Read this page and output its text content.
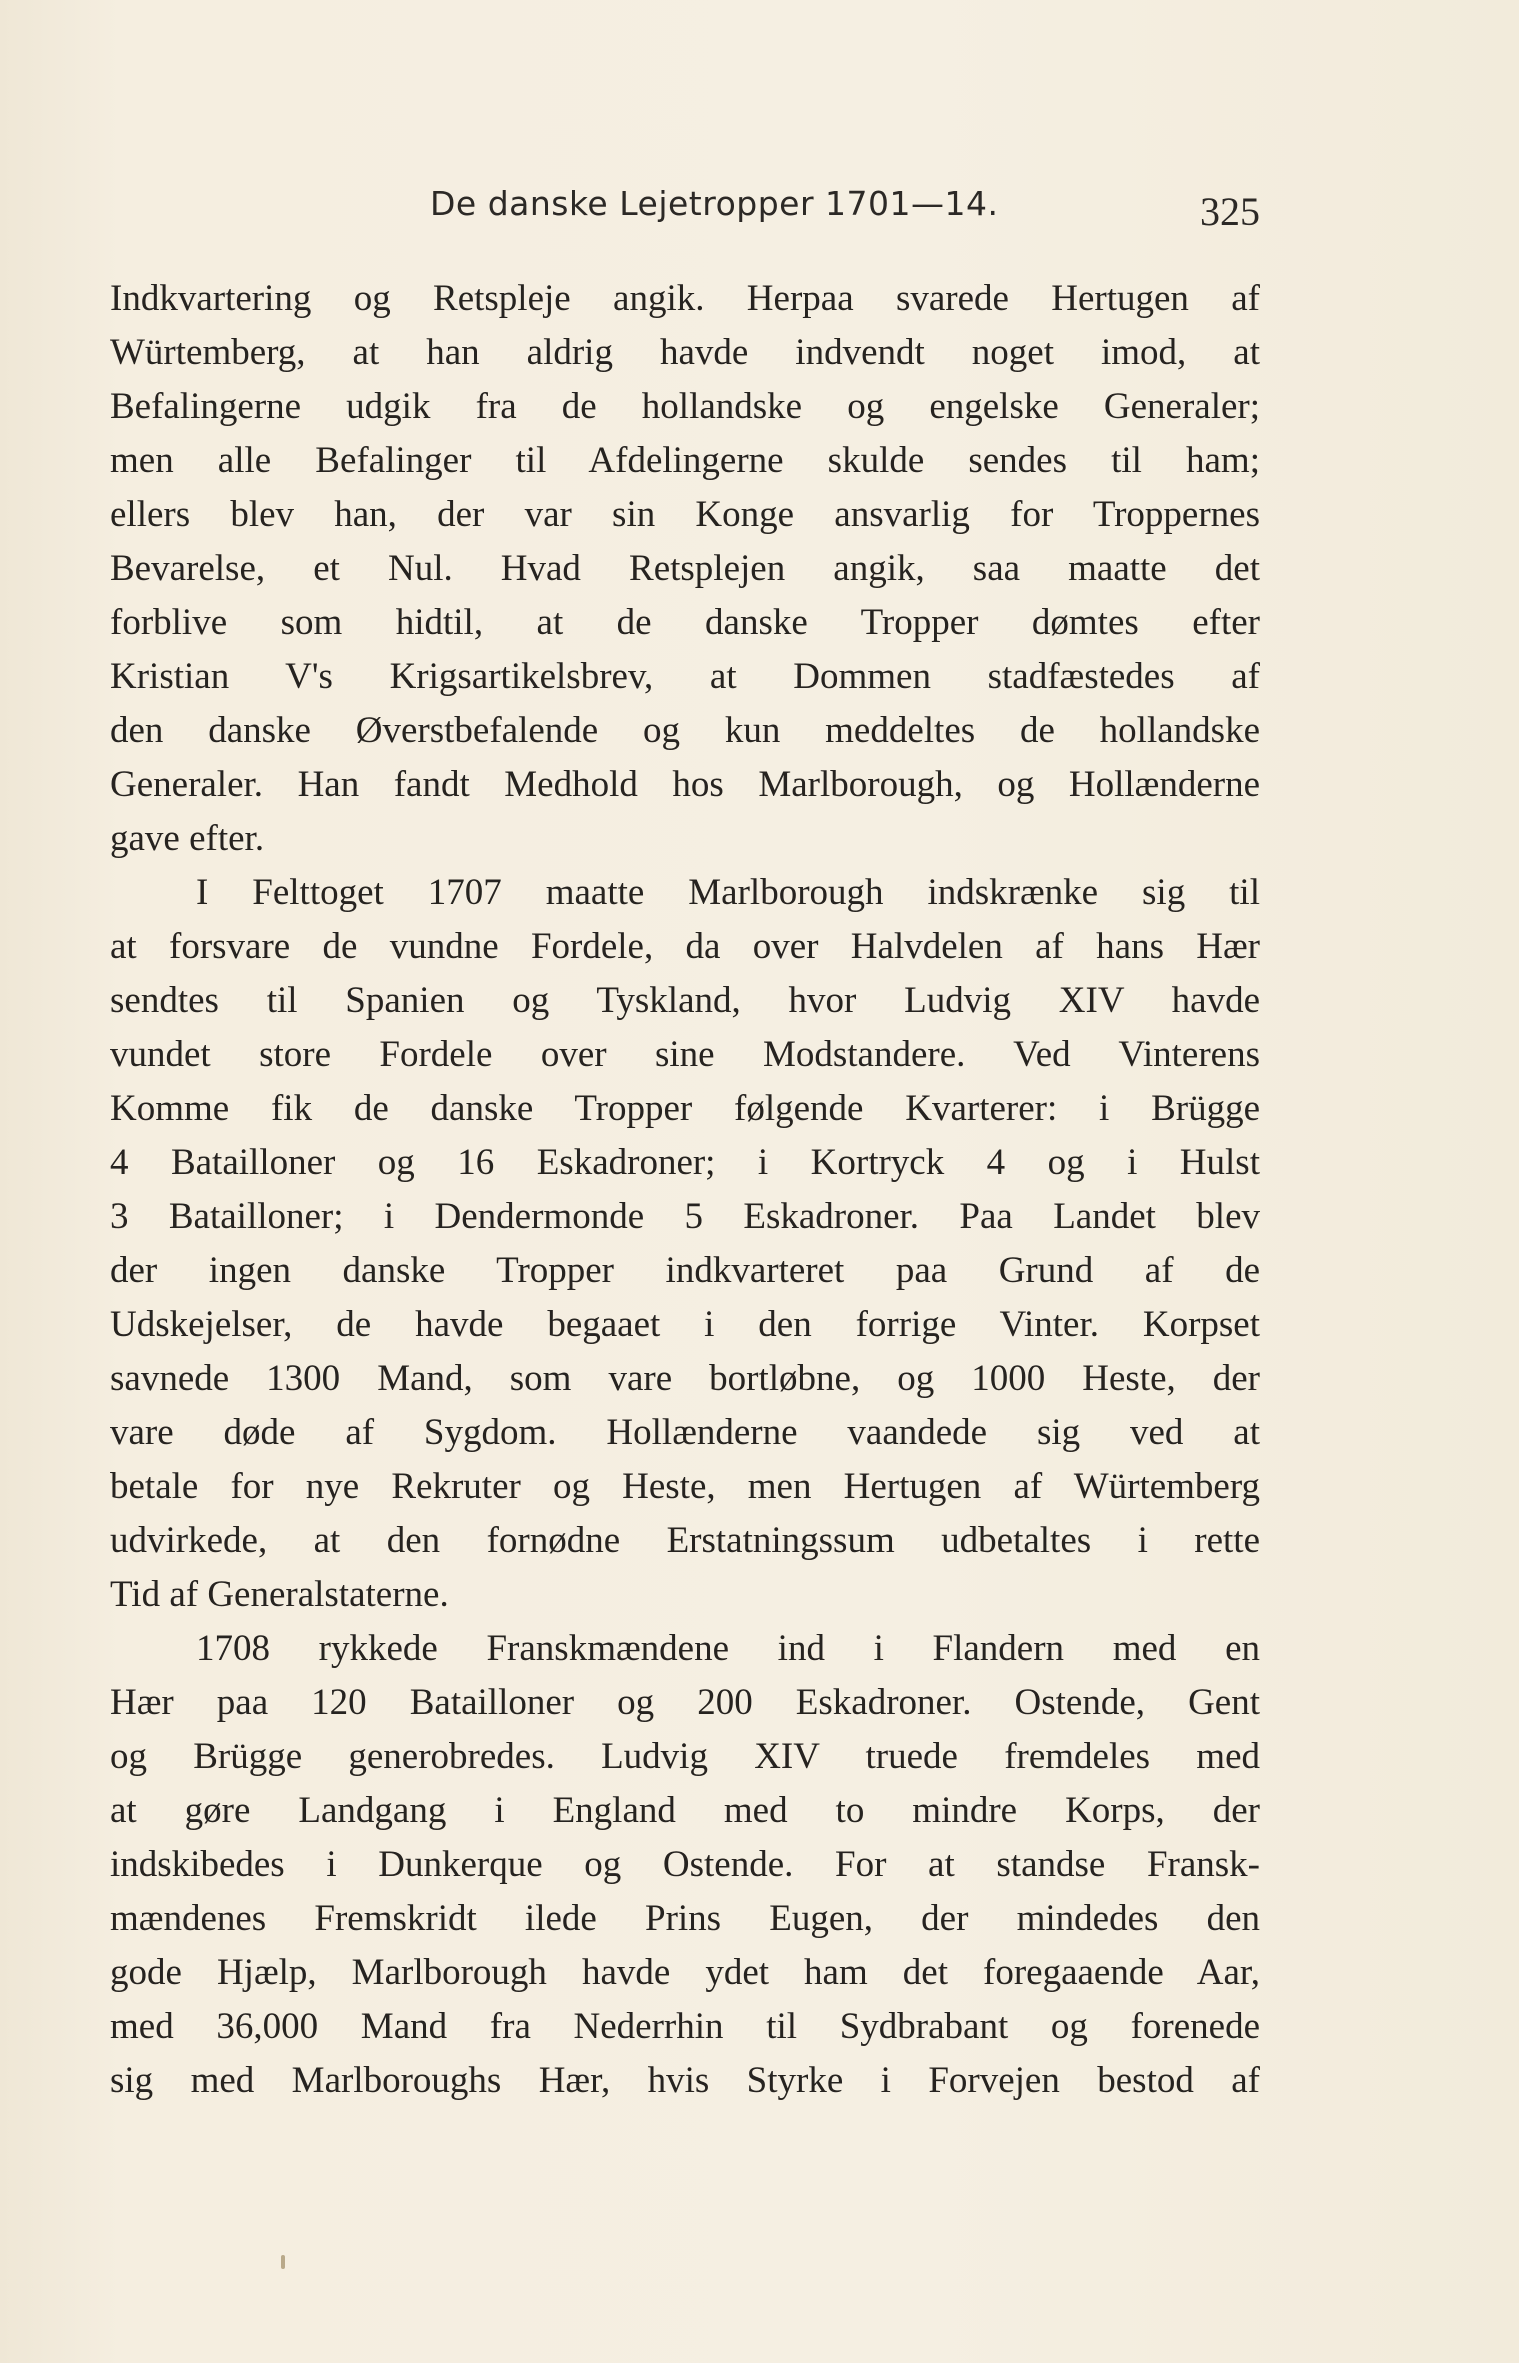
De danske Lejetropper 1701—14.	325
Indkvartering og Retspleje angik. Herpaa svarede Hertugen af
Würtemberg, at han aldrig havde indvendt noget imod, at
Befalingerne udgik fra de hollandske og engelske Generaler;
men alle Befalinger til Afdelingerne skulde sendes til ham;
ellers blev han, der var sin Konge ansvarlig for Troppernes
Bevarelse, et Nul. Hvad Retsplejen angik, saa maatte det
forblive som hidtil, at de danske Tropper dømtes efter
Kristian V's Krigsartikelsbrev, at Dommen stadfæstedes af
den danske Øverstbefalende og kun meddeltes de hollandske
Generaler. Han fandt Medhold hos Marlborough, og Hollænderne
gave efter.
I Felttoget 1707 maatte Marlborough indskrænke sig til
at forsvare de vundne Fordele, da over Halvdelen af hans Hær
sendtes til Spanien og Tyskland, hvor Ludvig XIV havde
vundet store Fordele over sine Modstandere. Ved Vinterens
Komme fik de danske Tropper følgende Kvarterer: i Brügge
4 Batailloner og 16 Eskadroner; i Kortryck 4 og i Hulst
3 Batailloner; i Dendermonde 5 Eskadroner. Paa Landet blev
der ingen danske Tropper indkvarteret paa Grund af de
Udskejelser, de havde begaaet i den forrige Vinter. Korpset
savnede 1300 Mand, som vare bortløbne, og 1000 Heste, der
vare døde af Sygdom. Hollænderne vaandede sig ved at
betale for nye Rekruter og Heste, men Hertugen af Würtemberg
udvirkede, at den fornødne Erstatningssum udbetaltes i rette
Tid af Generalstaterne.
1708 rykkede Franskmændene ind i Flandern med en
Hær paa 120 Batailloner og 200 Eskadroner. Ostende, Gent
og Brügge generobredes. Ludvig XIV truede fremdeles med
at gøre Landgang i England med to mindre Korps, der
indskibedes i Dunkerque og Ostende. For at standse Fransk-
mændenes Fremskridt ilede Prins Eugen, der mindedes den
gode Hjælp, Marlborough havde ydet ham det foregaaende Aar,
med 36,000 Mand fra Nederrhin til Sydbrabant og forenede
sig med Marlboroughs Hær, hvis Styrke i Forvejen bestod af
